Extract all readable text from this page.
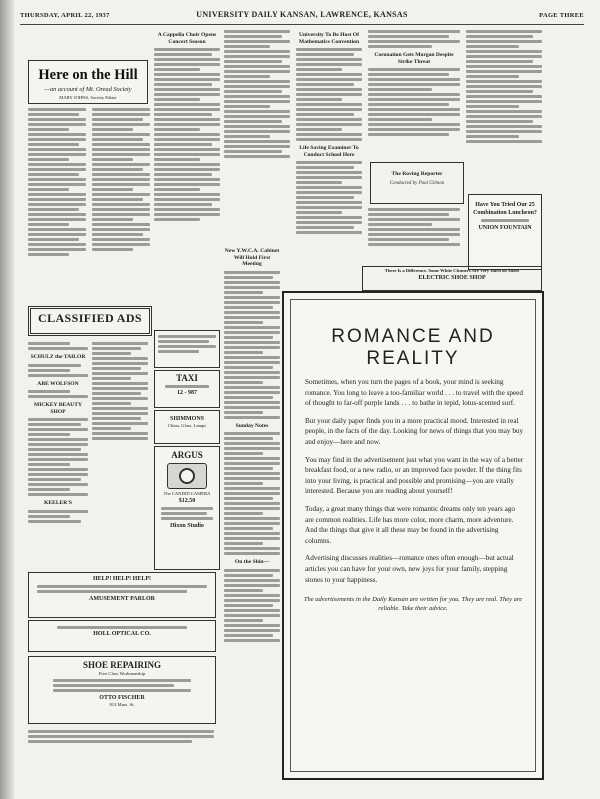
THURSDAY, APRIL 22, 1937	UNIVERSITY DAILY KANSAN, LAWRENCE, KANSAS	PAGE THREE
Here on the Hill
—an account of Mt. Oread Society
MARY JOHNS, Society Editor
CLASSIFIED ADS
SCHULZ the TAILOR
ABE WOLFSON
MICKEY BEAUTY SHOP
KEELER'S
HELP! HELP! HELP!
AMUSEMENT PARLOR
HOLL OPTICAL CO.
SHOE REPAIRING
First Class Workmanship
OTTO FISCHER
813 Mass. St.
TAXI
12 - 987
SHIMMONS
China, Glass, Lamps
ARGUS
The CANDID CAMERA
$12.50
Hixon Studio
A Cappella Choir Opens Concert Season
New Y.W.C.A. Cabinet Will Hold First Meeting
Sunday Notes
On the Shin—
University To Be Host Of Mathematics Convention
Life Saving Examiner To Conduct School Here
Coronation Gets Morgan Despite Strike Threat
The Roving Reporter
Conducted by Paul Gilman
Have You Tried Our 25 Combination Luncheon?
UNION FOUNTAIN
There Is a Difference. Some White Cleaners Are Very Hard on Shoes
ELECTRIC SHOE SHOP
ROMANCE AND
REALITY

Sometimes, when you turn the pages of a book, your mind is seeking romance. You long to leave a too-familiar world . . . to travel with the speed of thought to far-off purple lands . . . to bathe in tepid, lotus-scented surf.

But your daily paper finds you in a more practical mood. Interested in real people, in the facts of the day. Looking for news of things that you may buy and enjoy—here and now.

You may find in the advertisement just what you want in the way of a better breakfast food, or a new radio, or an improved face powder. If the thing fits into your living, is practical and possible and promising—you are vitally interested. Because you are reading about yourself!

Today, a great many things that were romantic dreams only ten years ago are common realities. Life has more color, more charm, more adventure. And the things that give it all these may be found in the advertising columns.

Advertising discusses realities—romance ones often enough—but actual articles you can have for your own, new joys for your family, stepping stones to your happiness.

The advertisements in the Daily Kansan are written for you. They are real. They are reliable. Take their advice.
